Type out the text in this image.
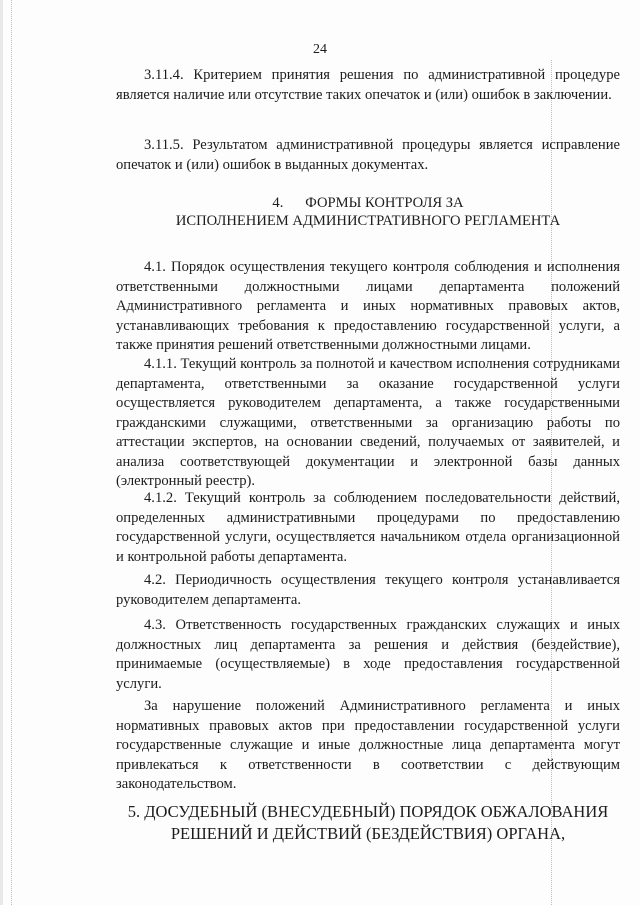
24
3.11.4. Критерием принятия решения по административной процедуре является наличие или отсутствие таких опечаток и (или) ошибок в заключении.
3.11.5. Результатом административной процедуры является исправление опечаток и (или) ошибок в выданных документах.
4.      ФОРМЫ КОНТРОЛЯ ЗА
ИСПОЛНЕНИЕМ АДМИНИСТРАТИВНОГО РЕГЛАМЕНТА
4.1. Порядок осуществления текущего контроля соблюдения и исполнения ответственными должностными лицами департамента положений Административного регламента и иных нормативных правовых актов, устанавливающих требования к предоставлению государственной услуги, а также принятия решений ответственными должностными лицами.
4.1.1. Текущий контроль за полнотой и качеством исполнения сотрудниками департамента, ответственными за оказание государственной услуги осуществляется руководителем департамента, а также государственными гражданскими служащими, ответственными за организацию работы по аттестации экспертов, на основании сведений, получаемых от заявителей, и анализа соответствующей документации и электронной базы данных (электронный реестр).
4.1.2. Текущий контроль за соблюдением последовательности действий, определенных административными процедурами по предоставлению государственной услуги, осуществляется начальником отдела организационной и контрольной работы департамента.
4.2. Периодичность осуществления текущего контроля устанавливается руководителем департамента.
4.3. Ответственность государственных гражданских служащих и иных должностных лиц департамента за решения и действия (бездействие), принимаемые (осуществляемые) в ходе предоставления государственной услуги.
За нарушение положений Административного регламента и иных нормативных правовых актов при предоставлении государственной услуги государственные служащие и иные должностные лица департамента могут привлекаться к ответственности в соответствии с действующим законодательством.
5. ДОСУДЕБНЫЙ (ВНЕСУДЕБНЫЙ) ПОРЯДОК ОБЖАЛОВАНИЯ
РЕШЕНИЙ И ДЕЙСТВИЙ (БЕЗДЕЙСТВИЯ) ОРГАНА,
